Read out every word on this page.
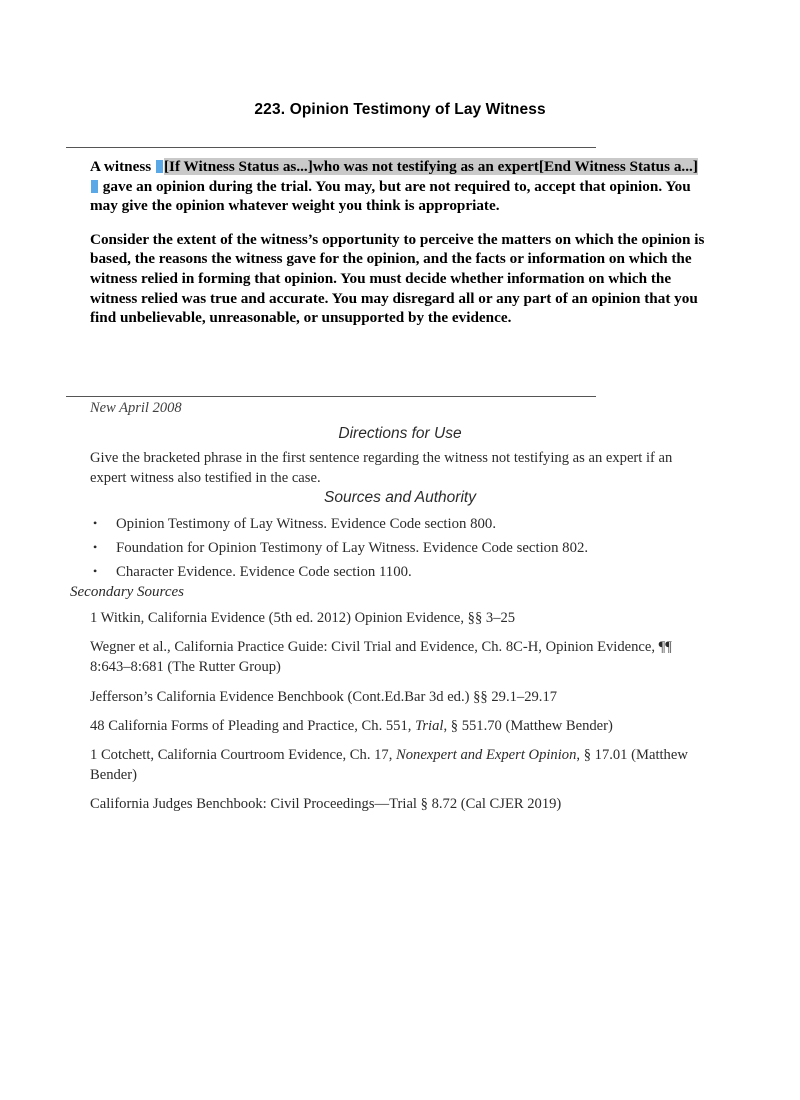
223. Opinion Testimony of Lay Witness

A witness [If Witness Status as...]who was not testifying as an expert[End Witness Status a...] gave an opinion during the trial. You may, but are not required to, accept that opinion. You may give the opinion whatever weight you think is appropriate.

Consider the extent of the witness’s opportunity to perceive the matters on which the opinion is based, the reasons the witness gave for the opinion, and the facts or information on which the witness relied in forming that opinion. You must decide whether information on which the witness relied was true and accurate. You may disregard all or any part of an opinion that you find unbelievable, unreasonable, or unsupported by the evidence.

New April 2008
Directions for Use
Give the bracketed phrase in the first sentence regarding the witness not testifying as an expert if an expert witness also testified in the case.
Sources and Authority
• Opinion Testimony of Lay Witness. Evidence Code section 800.
• Foundation for Opinion Testimony of Lay Witness. Evidence Code section 802.
• Character Evidence. Evidence Code section 1100.
Secondary Sources
1 Witkin, California Evidence (5th ed. 2012) Opinion Evidence, §§ 3–25
Wegner et al., California Practice Guide: Civil Trial and Evidence, Ch. 8C-H, Opinion Evidence, ¶¶ 8:643–8:681 (The Rutter Group)
Jefferson’s California Evidence Benchbook (Cont.Ed.Bar 3d ed.) §§ 29.1–29.17
48 California Forms of Pleading and Practice, Ch. 551, Trial, § 551.70 (Matthew Bender)
1 Cotchett, California Courtroom Evidence, Ch. 17, Nonexpert and Expert Opinion, § 17.01 (Matthew Bender)
California Judges Benchbook: Civil Proceedings—Trial § 8.72 (Cal CJER 2019)
